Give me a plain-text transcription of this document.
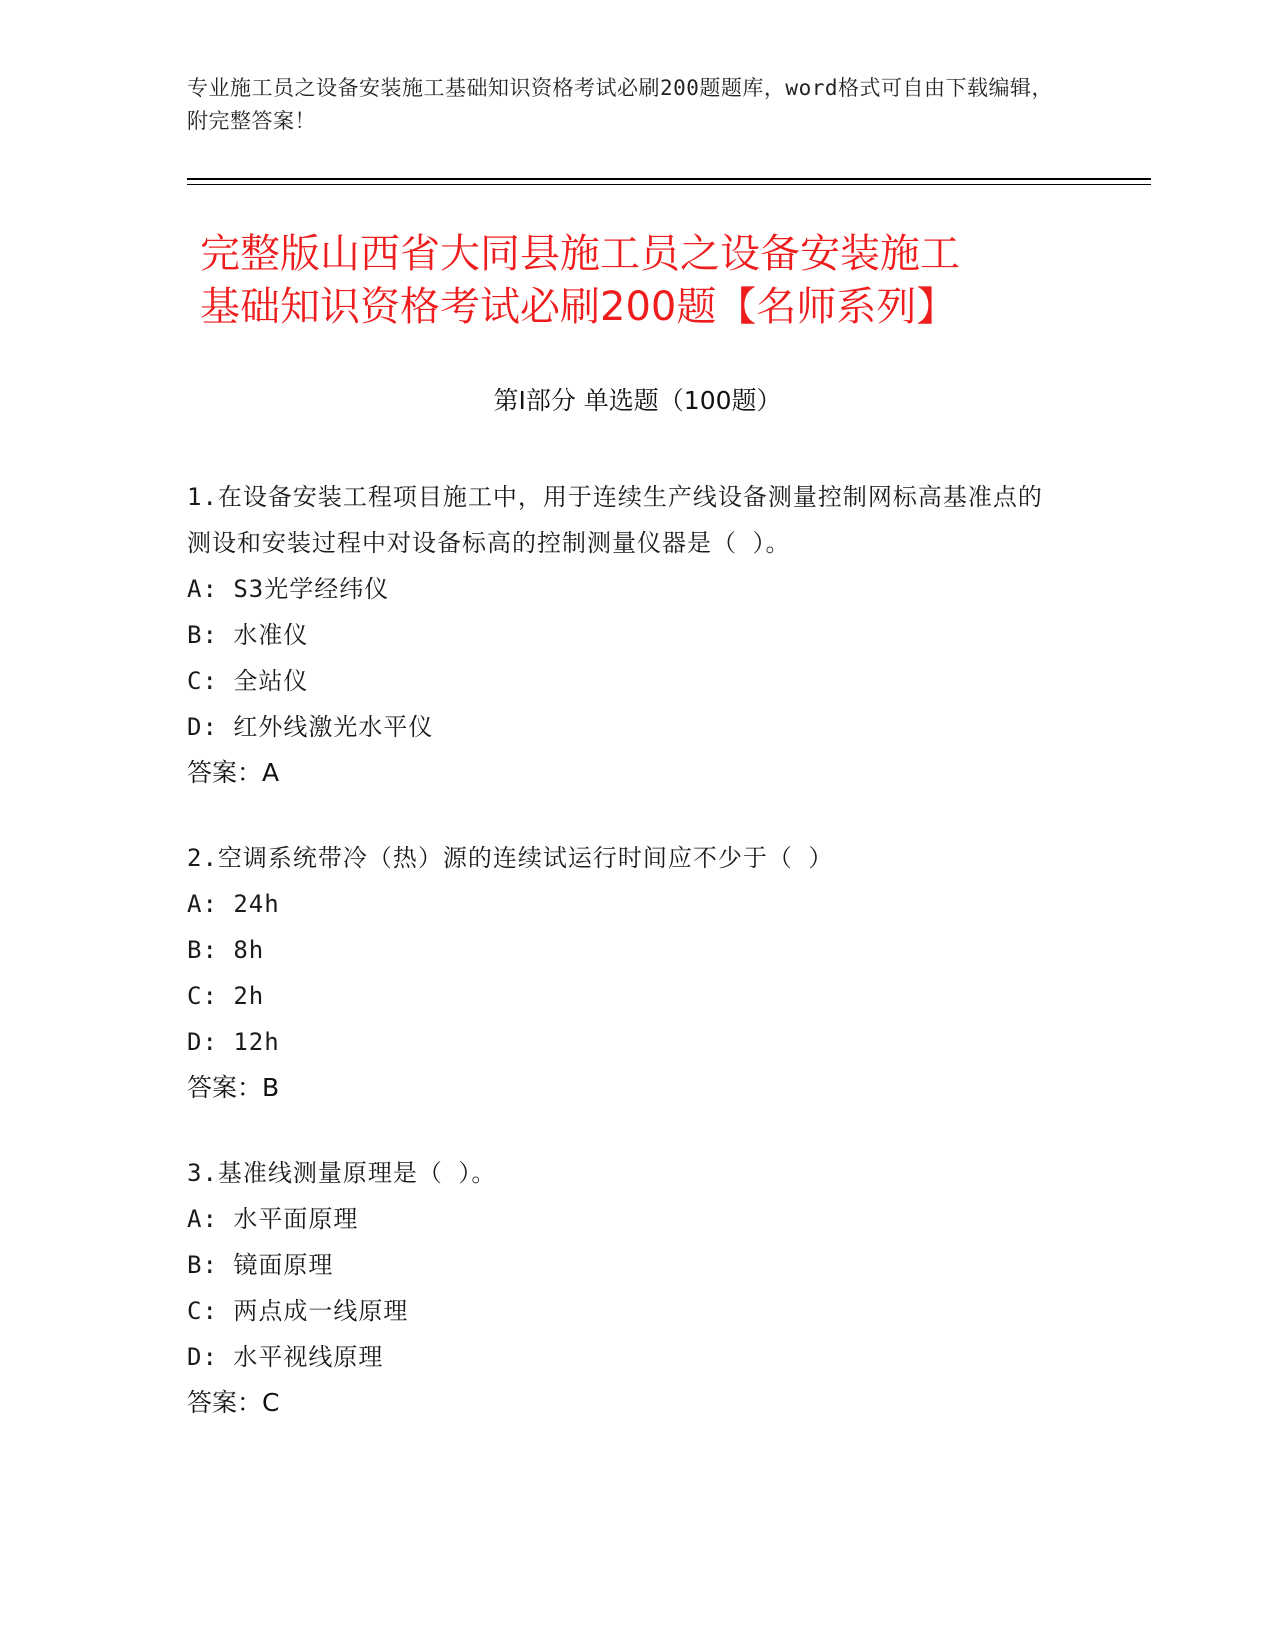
专业施工员之设备安装施工基础知识资格考试必刷200题题库，word格式可自由下载编辑，附完整答案！
完整版山西省大同县施工员之设备安装施工
基础知识资格考试必刷200题【名师系列】
第Ⅰ部分 单选题（100题）
1.在设备安装工程项目施工中，用于连续生产线设备测量控制网标高基准点的测设和安装过程中对设备标高的控制测量仪器是（ ）。
A: S3光学经纬仪
B: 水准仪
C: 全站仪
D: 红外线激光水平仪
答案：A
2.空调系统带冷（热）源的连续试运行时间应不少于（ ）
A: 24h
B: 8h
C: 2h
D: 12h
答案：B
3.基准线测量原理是（ ）。
A: 水平面原理
B: 镜面原理
C: 两点成一线原理
D: 水平视线原理
答案：C
